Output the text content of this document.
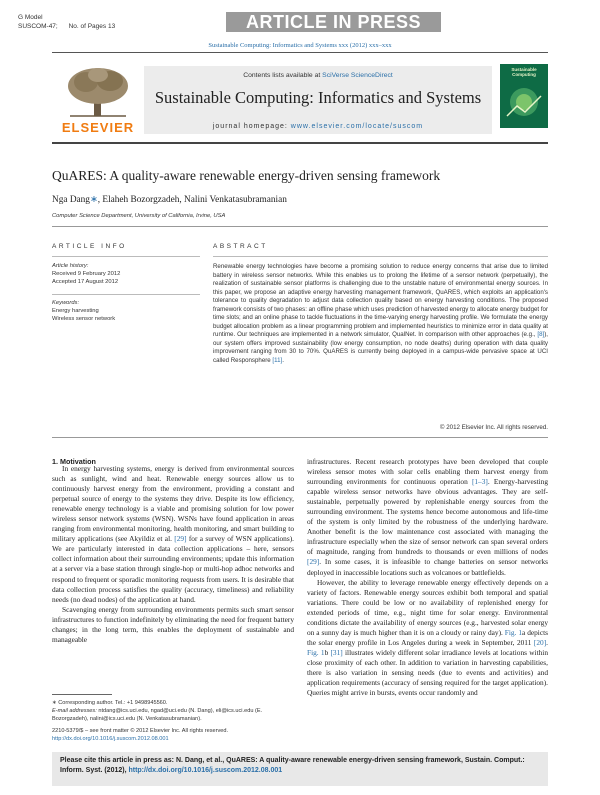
G Model
SUSCOM-47;      No. of Pages 13	ARTICLE IN PRESS
Sustainable Computing: Informatics and Systems xxx (2012) xxx–xxx
ELSEVIER
Contents lists available at SciVerse ScienceDirect
Sustainable Computing: Informatics and Systems
journal homepage: www.elsevier.com/locate/suscom
Sustainable Computing
QuARES: A quality-aware renewable energy-driven sensing framework
Nga Dang∗, Elaheh Bozorgzadeh, Nalini Venkatasubramanian
Computer Science Department, University of California, Irvine, USA
ARTICLE INFO	ABSTRACT
Article history:
Received 9 February 2012
Accepted 17 August 2012
Keywords:
Energy harvesting
Wireless sensor network
Renewable energy technologies have become a promising solution to reduce energy concerns that arise due to limited battery in wireless sensor networks. While this enables us to prolong the lifetime of a sensor network (perpetually), the realization of sustainable sensor platforms is challenging due to the unstable nature of environmental energy sources. In this paper, we propose an adaptive energy harvesting management framework, QuARES, which exploits an application's tolerance to quality degradation to adjust data collection quality based on energy harvesting conditions. The proposed framework consists of two phases: an offline phase which uses prediction of harvested energy to allocate energy budget for time slots; and an online phase to tackle fluctuations in the time-varying energy harvesting profile. We formulate the energy budget allocation problem as a linear programming problem and implemented heuristics to minimize error in data quality at runtime. Our techniques are implemented in a network simulator, QualNet. In comparison with other approaches (e.g., [8]), our system offers improved sustainability (low energy consumption, no node deaths) during operation with data quality improvement ranging from 30 to 70%. QuARES is currently being deployed in a campus-wide pervasive space at UCI called Responsphere [11].
© 2012 Elsevier Inc. All rights reserved.
1. Motivation

In energy harvesting systems, energy is derived from environmental sources such as sunlight, wind and heat. Renewable energy sources allow us to continuously harvest energy from the environment, providing a constant and perpetual source of energy to the systems they drive. Despite its low efficiency, renewable energy technology is a viable and promising solution for low power wireless sensor network systems (WSN). WSNs have found application in areas ranging from environmental monitoring, health monitoring, and smart building to military applications (see Akyildiz et al. [29] for a survey of WSN applications). We are particularly interested in data collection applications – here, sensors collect information about their surrounding environments; update this information at a server via a base station through single-hop or multi-hop adhoc networks and respond to frequent or sporadic monitoring requests from users. It is desirable that data collection process satisfies the quality (accuracy, timeliness) and reliability needs (no dead nodes) of the application at hand.

Scavenging energy from surrounding environments permits such smart sensor infrastructures to function indefinitely by eliminating the need for frequent battery changes; in the long term, this enables the deployment of sustainable and manageable

infrastructures. Recent research prototypes have been developed that couple wireless sensor motes with solar cells enabling them harvest energy from surrounding environments for continuous operation [1–3]. Energy-harvesting capable wireless sensor networks have obvious advantages. They are self-sustainable, perpetually powered by replenishable energy sources from the surrounding environment. The systems hence become autonomous and life-time of the system is only limited by the robustness of the underlying hardware. Another benefit is the low maintenance cost associated with managing the infrastructure especially when the size of sensor network can span several orders of magnitude, ranging from hundreds to thousands or even millions of nodes [29]. In some cases, it is infeasible to change batteries on sensor networks deployed in inaccessible locations such as volcanoes or battlefields.

However, the ability to leverage renewable energy effectively depends on a variety of factors. Renewable energy sources exhibit both temporal and spatial variations. There could be low or no availability of replenished energy for extended periods of time, e.g., night time for solar energy. Environmental conditions dictate the availability of energy sources (e.g., harvested solar energy on a sunny day is much higher than it is on a cloudy or rainy day). Fig. 1a depicts the solar energy profile in Los Angeles during a week in September, 2011 [20]. Fig. 1b [31] illustrates widely different solar irradiance levels at locations within close proximity of each other. In addition to variation in harvesting capabilities, there is also variation in sensing needs (due to events and activities) and application requirements (accuracy of sensing required for the target application). Queries might arrive in bursts, events occur randomly and

∗ Corresponding author. Tel.: +1 9498945560.
E-mail addresses: ntdang@ics.uci.edu, ngad@uci.edu (N. Dang), eli@ics.uci.edu (E. Bozorgzadeh), nalini@ics.uci.edu (N. Venkatasubramanian).
2210-5379/$ – see front matter © 2012 Elsevier Inc. All rights reserved.
http://dx.doi.org/10.1016/j.suscom.2012.08.001
Please cite this article in press as: N. Dang, et al., QuARES: A quality-aware renewable energy-driven sensing framework, Sustain. Comput.: Inform. Syst. (2012), http://dx.doi.org/10.1016/j.suscom.2012.08.001
